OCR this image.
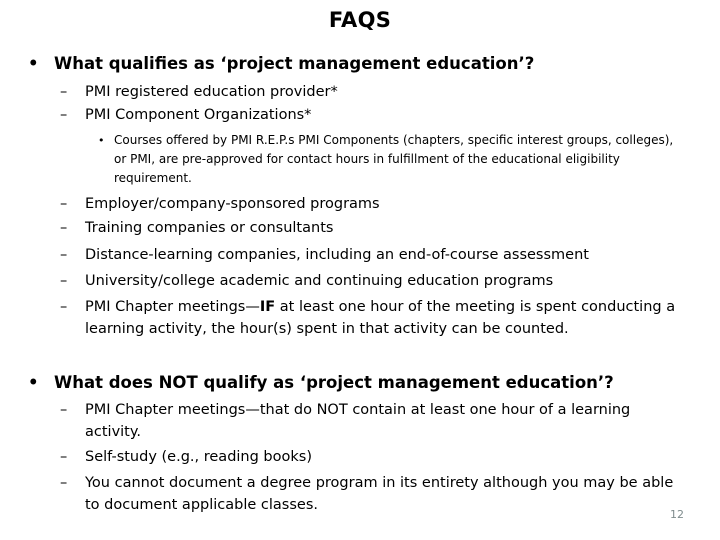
FAQS
• What qualifies as ‘project management education’?
– PMI registered education provider*
– PMI Component Organizations*
• Courses offered by PMI R.E.P.s PMI Components (chapters, specific interest groups, colleges), or PMI, are pre-approved for contact hours in fulfillment of the educational eligibility requirement.
– Employer/company-sponsored programs
– Training companies or consultants
– Distance-learning companies, including an end-of-course assessment
– University/college academic and continuing education programs
– PMI Chapter meetings—IF at least one hour of the meeting is spent conducting a learning activity, the hour(s) spent in that activity can be counted.
• What does NOT qualify as ‘project management education’?
– PMI Chapter meetings—that do NOT contain at least one hour of a learning activity.
– Self-study (e.g., reading books)
– You cannot document a degree program in its entirety although you may be able to document applicable classes.
12
